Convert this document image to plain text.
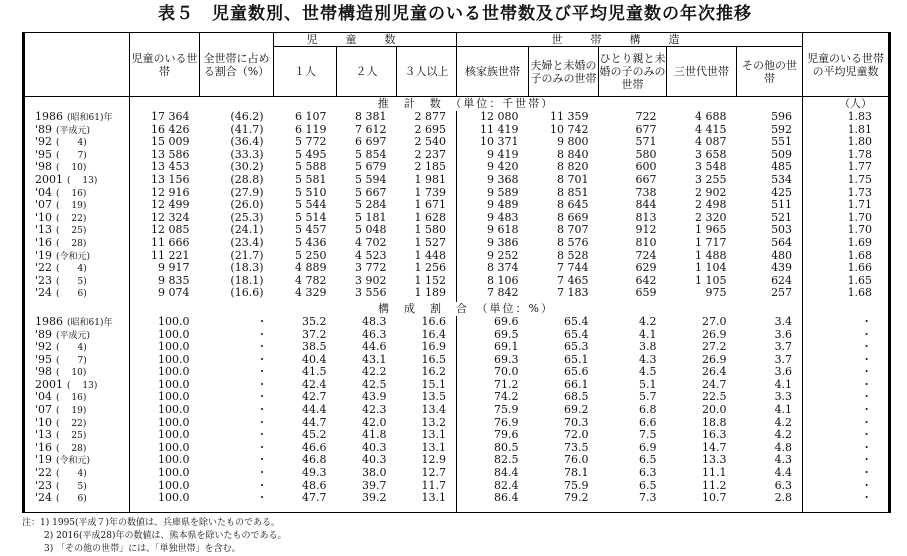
表５　児童数別、世帯構造別児童のいる世帯数及び平均児童数の年次推移
	児童のいる世帯	全世帯に占める割合（%）	児童数			世帯構造					児童のいる世帯の平均児童数
			１人	２人	３人以上	核家族世帯	夫婦と未婚の子のみの世帯	ひとり親と未婚の子のみの世帯	三世代世帯	その他の世帯	
	推　計　数　（単位：千世帯）										（人）
1986 (昭和61)年	17 364	(46.2)	6 107	8 381	2 877	12 080	11 359	722	4 688	596	1.83
'89 (平成元)	16 426	(41.7)	6 119	7 612	2 695	11 419	10 742	677	4 415	592	1.81
'92 (　　4)	15 009	(36.4)	5 772	6 697	2 540	10 371	9 800	571	4 087	551	1.80
'95 (　　7)	13 586	(33.3)	5 495	5 854	2 237	9 419	8 840	580	3 658	509	1.78
'98 (　 10)	13 453	(30.2)	5 588	5 679	2 185	9 420	8 820	600	3 548	485	1.77
2001 (　 13)	13 156	(28.8)	5 581	5 594	1 981	9 368	8 701	667	3 255	534	1.75
'04 (　 16)	12 916	(27.9)	5 510	5 667	1 739	9 589	8 851	738	2 902	425	1.73
'07 (　 19)	12 499	(26.0)	5 544	5 284	1 671	9 489	8 645	844	2 498	511	1.71
'10 (　 22)	12 324	(25.3)	5 514	5 181	1 628	9 483	8 669	813	2 320	521	1.70
'13 (　 25)	12 085	(24.1)	5 457	5 048	1 580	9 618	8 707	912	1 965	503	1.70
'16 (　 28)	11 666	(23.4)	5 436	4 702	1 527	9 386	8 576	810	1 717	564	1.69
'19 (令和元)	11 221	(21.7)	5 250	4 523	1 448	9 252	8 528	724	1 488	480	1.68
'22 (　　4)	9 917	(18.3)	4 889	3 772	1 256	8 374	7 744	629	1 104	439	1.66
'23 (　　5)	9 835	(18.1)	4 782	3 902	1 152	8 106	7 465	642	1 105	624	1.65
'24 (　　6)	9 074	(16.6)	4 329	3 556	1 189	7 842	7 183	659	975	257	1.68

	構　成　割　合　（単位：%）										
1986 (昭和61)年	100.0	・	35.2	48.3	16.6	69.6	65.4	4.2	27.0	3.4	・
'89 (平成元)	100.0	・	37.2	46.3	16.4	69.5	65.4	4.1	26.9	3.6	・
'92 (　　4)	100.0	・	38.5	44.6	16.9	69.1	65.3	3.8	27.2	3.7	・
'95 (　　7)	100.0	・	40.4	43.1	16.5	69.3	65.1	4.3	26.9	3.7	・
'98 (　 10)	100.0	・	41.5	42.2	16.2	70.0	65.6	4.5	26.4	3.6	・
2001 (　 13)	100.0	・	42.4	42.5	15.1	71.2	66.1	5.1	24.7	4.1	・
'04 (　 16)	100.0	・	42.7	43.9	13.5	74.2	68.5	5.7	22.5	3.3	・
'07 (　 19)	100.0	・	44.4	42.3	13.4	75.9	69.2	6.8	20.0	4.1	・
'10 (　 22)	100.0	・	44.7	42.0	13.2	76.9	70.3	6.6	18.8	4.2	・
'13 (　 25)	100.0	・	45.2	41.8	13.1	79.6	72.0	7.5	16.3	4.2	・
'16 (　 28)	100.0	・	46.6	40.3	13.1	80.5	73.5	6.9	14.7	4.8	・
'19 (令和元)	100.0	・	46.8	40.3	12.9	82.5	76.0	6.5	13.3	4.3	・
'22 (　　4)	100.0	・	49.3	38.0	12.7	84.4	78.1	6.3	11.1	4.4	・
'23 (　　5)	100.0	・	48.6	39.7	11.7	82.4	75.9	6.5	11.2	6.3	・
'24 (　　6)	100.0	・	47.7	39.2	13.1	86.4	79.2	7.3	10.7	2.8	・

注：1) 1995(平成７)年の数値は、兵庫県を除いたものである。
2) 2016(平成28)年の数値は、熊本県を除いたものである。
3) 「その他の世帯」には、「単独世帯」を含む。
